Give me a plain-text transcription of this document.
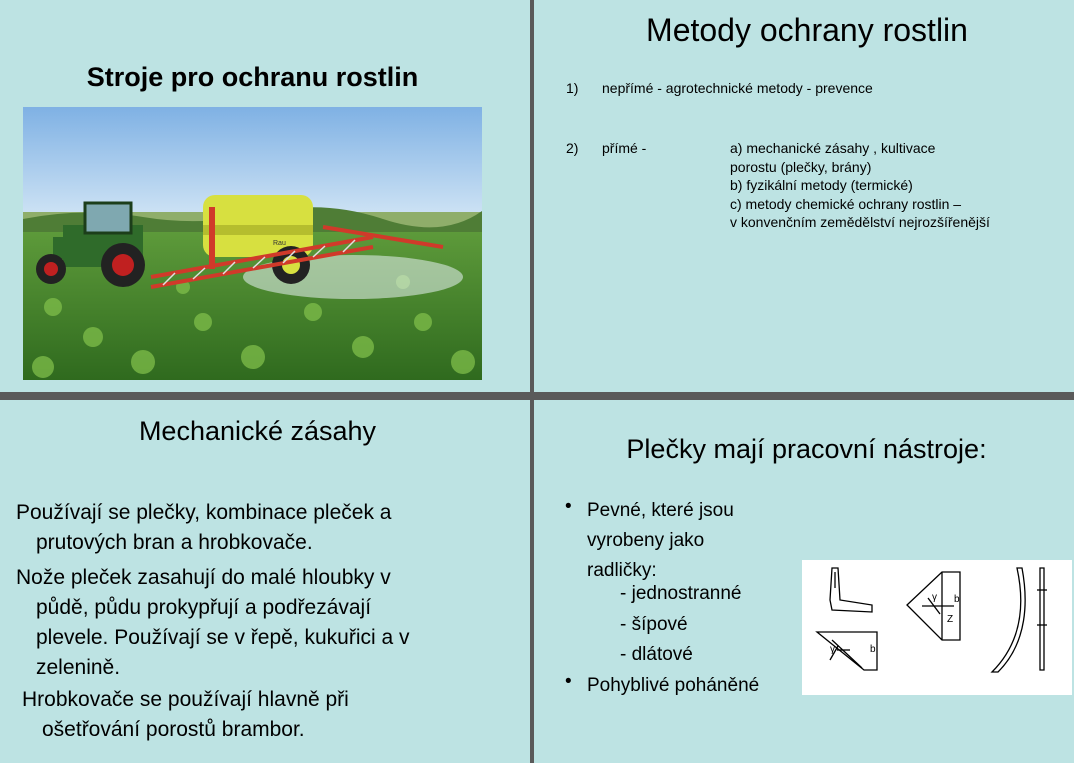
Stroje pro ochranu rostlin
Rau
Metody ochrany rostlin
1) nepřímé - agrotechnické metody - prevence
2) přímé -	a) mechanické zásahy , kultivace
porostu (plečky, brány)
b) fyzikální metody (termické)
c) metody chemické ochrany rostlin –
v konvenčním zemědělství nejrozšířenější
Mechanické zásahy
Používají se plečky, kombinace pleček a
prutových bran a hrobkovače.
Nože pleček zasahují do malé hloubky v
půdě, půdu prokypřují a podřezávají
plevele. Používají se v řepě, kukuřici a v
zelenině.
Hrobkovače se používají hlavně při
ošetřování porostů brambor.
Plečky mají pracovní nástroje:
• Pevné, které jsou
vyrobeny jako
radličky:
- jednostranné
- šípové
- dlátové
• Pohyblivé poháněné
γ	b
γ
Z
b
